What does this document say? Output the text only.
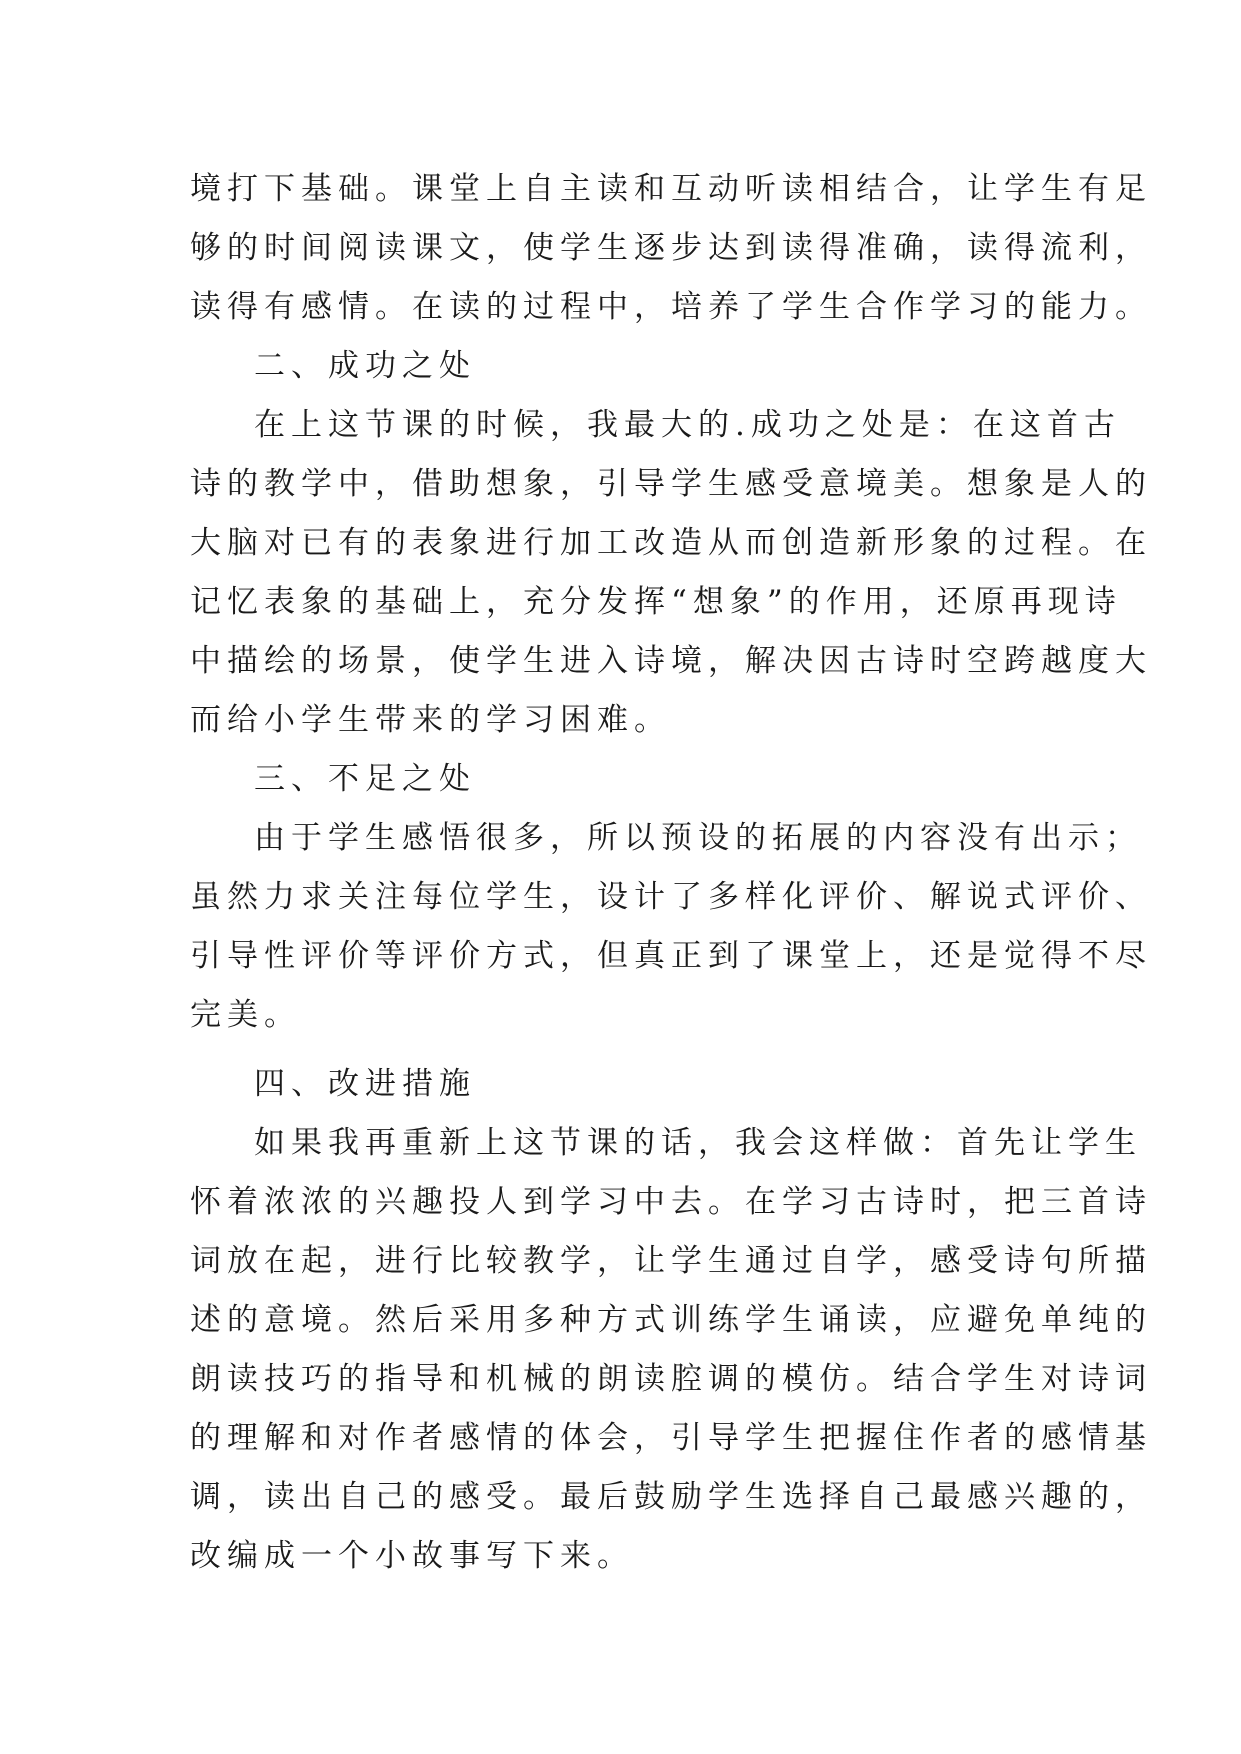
境打下基础。课堂上自主读和互动听读相结合，让学生有足
够的时间阅读课文，使学生逐步达到读得准确，读得流利，
读得有感情。在读的过程中，培养了学生合作学习的能力。
二、成功之处
在上这节课的时候，我最大的.成功之处是：在这首古
诗的教学中，借助想象，引导学生感受意境美。想象是人的
大脑对已有的表象进行加工改造从而创造新形象的过程。在
记忆表象的基础上，充分发挥“想象”的作用，还原再现诗
中描绘的场景，使学生进入诗境，解决因古诗时空跨越度大
而给小学生带来的学习困难。
三、不足之处
由于学生感悟很多，所以预设的拓展的内容没有出示；
虽然力求关注每位学生，设计了多样化评价、解说式评价、
引导性评价等评价方式，但真正到了课堂上，还是觉得不尽
完美。
四、改进措施
如果我再重新上这节课的话，我会这样做：首先让学生
怀着浓浓的兴趣投人到学习中去。在学习古诗时，把三首诗
词放在起，进行比较教学，让学生通过自学，感受诗句所描
述的意境。然后采用多种方式训练学生诵读，应避免单纯的
朗读技巧的指导和机械的朗读腔调的模仿。结合学生对诗词
的理解和对作者感情的体会，引导学生把握住作者的感情基
调，读出自己的感受。最后鼓励学生选择自己最感兴趣的，
改编成一个小故事写下来。
